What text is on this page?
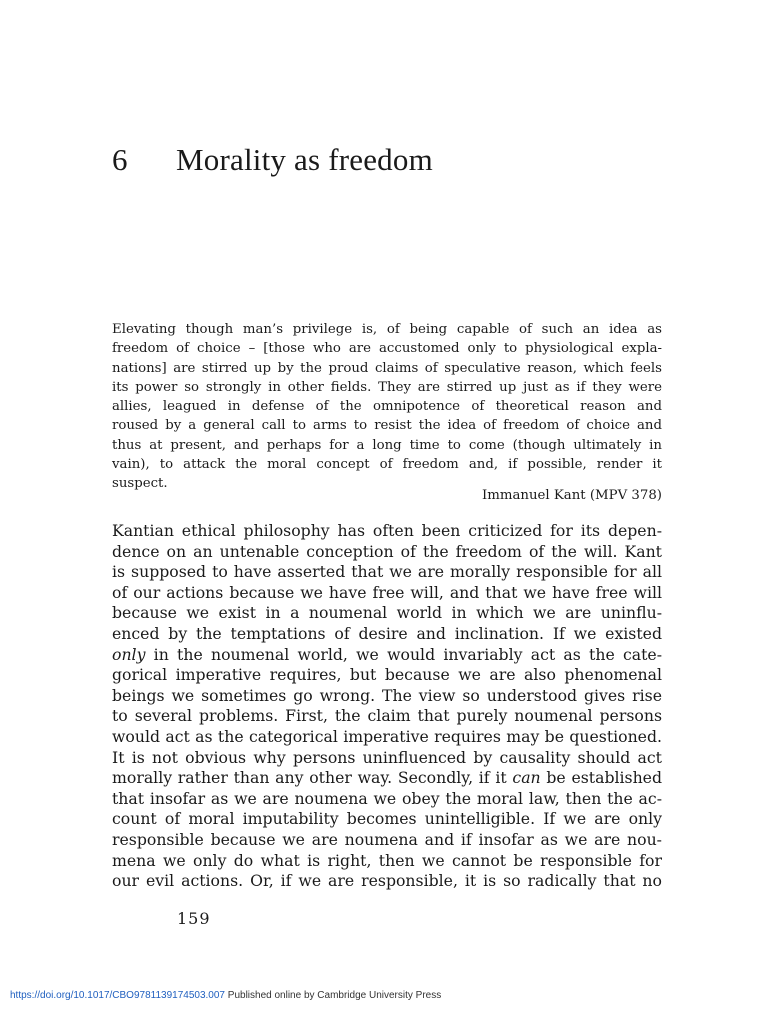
6 Morality as freedom
Elevating though man’s privilege is, of being capable of such an idea as
freedom of choice – [those who are accustomed only to physiological expla-
nations] are stirred up by the proud claims of speculative reason, which feels
its power so strongly in other fields. They are stirred up just as if they were
allies, leagued in defense of the omnipotence of theoretical reason and
roused by a general call to arms to resist the idea of freedom of choice and
thus at present, and perhaps for a long time to come (though ultimately in
vain), to attack the moral concept of freedom and, if possible, render it
suspect.
Immanuel Kant (MPV 378)
Kantian ethical philosophy has often been criticized for its depen-
dence on an untenable conception of the freedom of the will. Kant
is supposed to have asserted that we are morally responsible for all
of our actions because we have free will, and that we have free will
because we exist in a noumenal world in which we are uninflu-
enced by the temptations of desire and inclination. If we existed
only in the noumenal world, we would invariably act as the cate-
gorical imperative requires, but because we are also phenomenal
beings we sometimes go wrong. The view so understood gives rise
to several problems. First, the claim that purely noumenal persons
would act as the categorical imperative requires may be questioned.
It is not obvious why persons uninfluenced by causality should act
morally rather than any other way. Secondly, if it can be established
that insofar as we are noumena we obey the moral law, then the ac-
count of moral imputability becomes unintelligible. If we are only
responsible because we are noumena and if insofar as we are nou-
mena we only do what is right, then we cannot be responsible for
our evil actions. Or, if we are responsible, it is so radically that no
159
https://doi.org/10.1017/CBO9781139174503.007 Published online by Cambridge University Press
